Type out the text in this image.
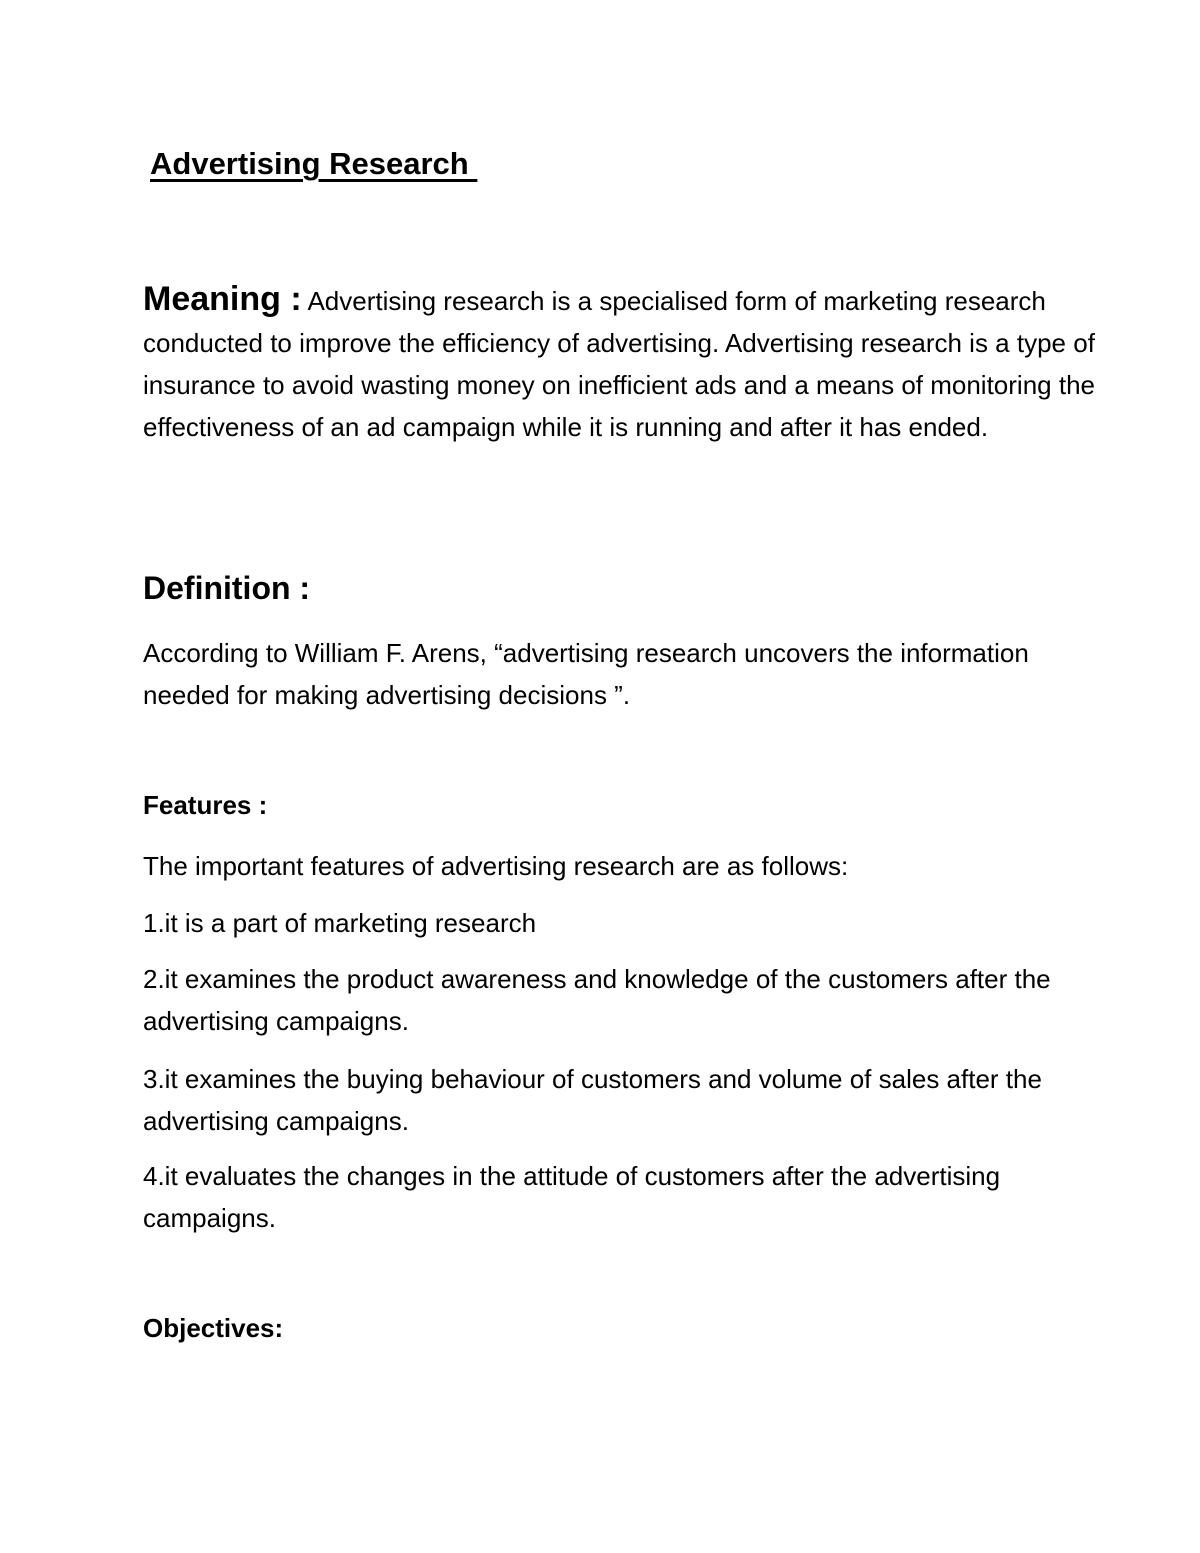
Advertising Research
Meaning : Advertising research is a specialised form of marketing research conducted to improve the efficiency of advertising. Advertising research is a type of insurance to avoid wasting money on inefficient ads and a means of monitoring the effectiveness of an ad campaign while it is running and after it has ended.
Definition :
According to William F. Arens, “advertising research uncovers the information needed for making advertising decisions ”.
Features :
The important features of advertising research are as follows:
1.it is a part of marketing research
2.it examines the product awareness and knowledge of the customers after the advertising campaigns.
3.it examines the buying behaviour of customers and volume of sales after the advertising campaigns.
4.it evaluates the changes in the attitude of customers after the advertising campaigns.
Objectives:
